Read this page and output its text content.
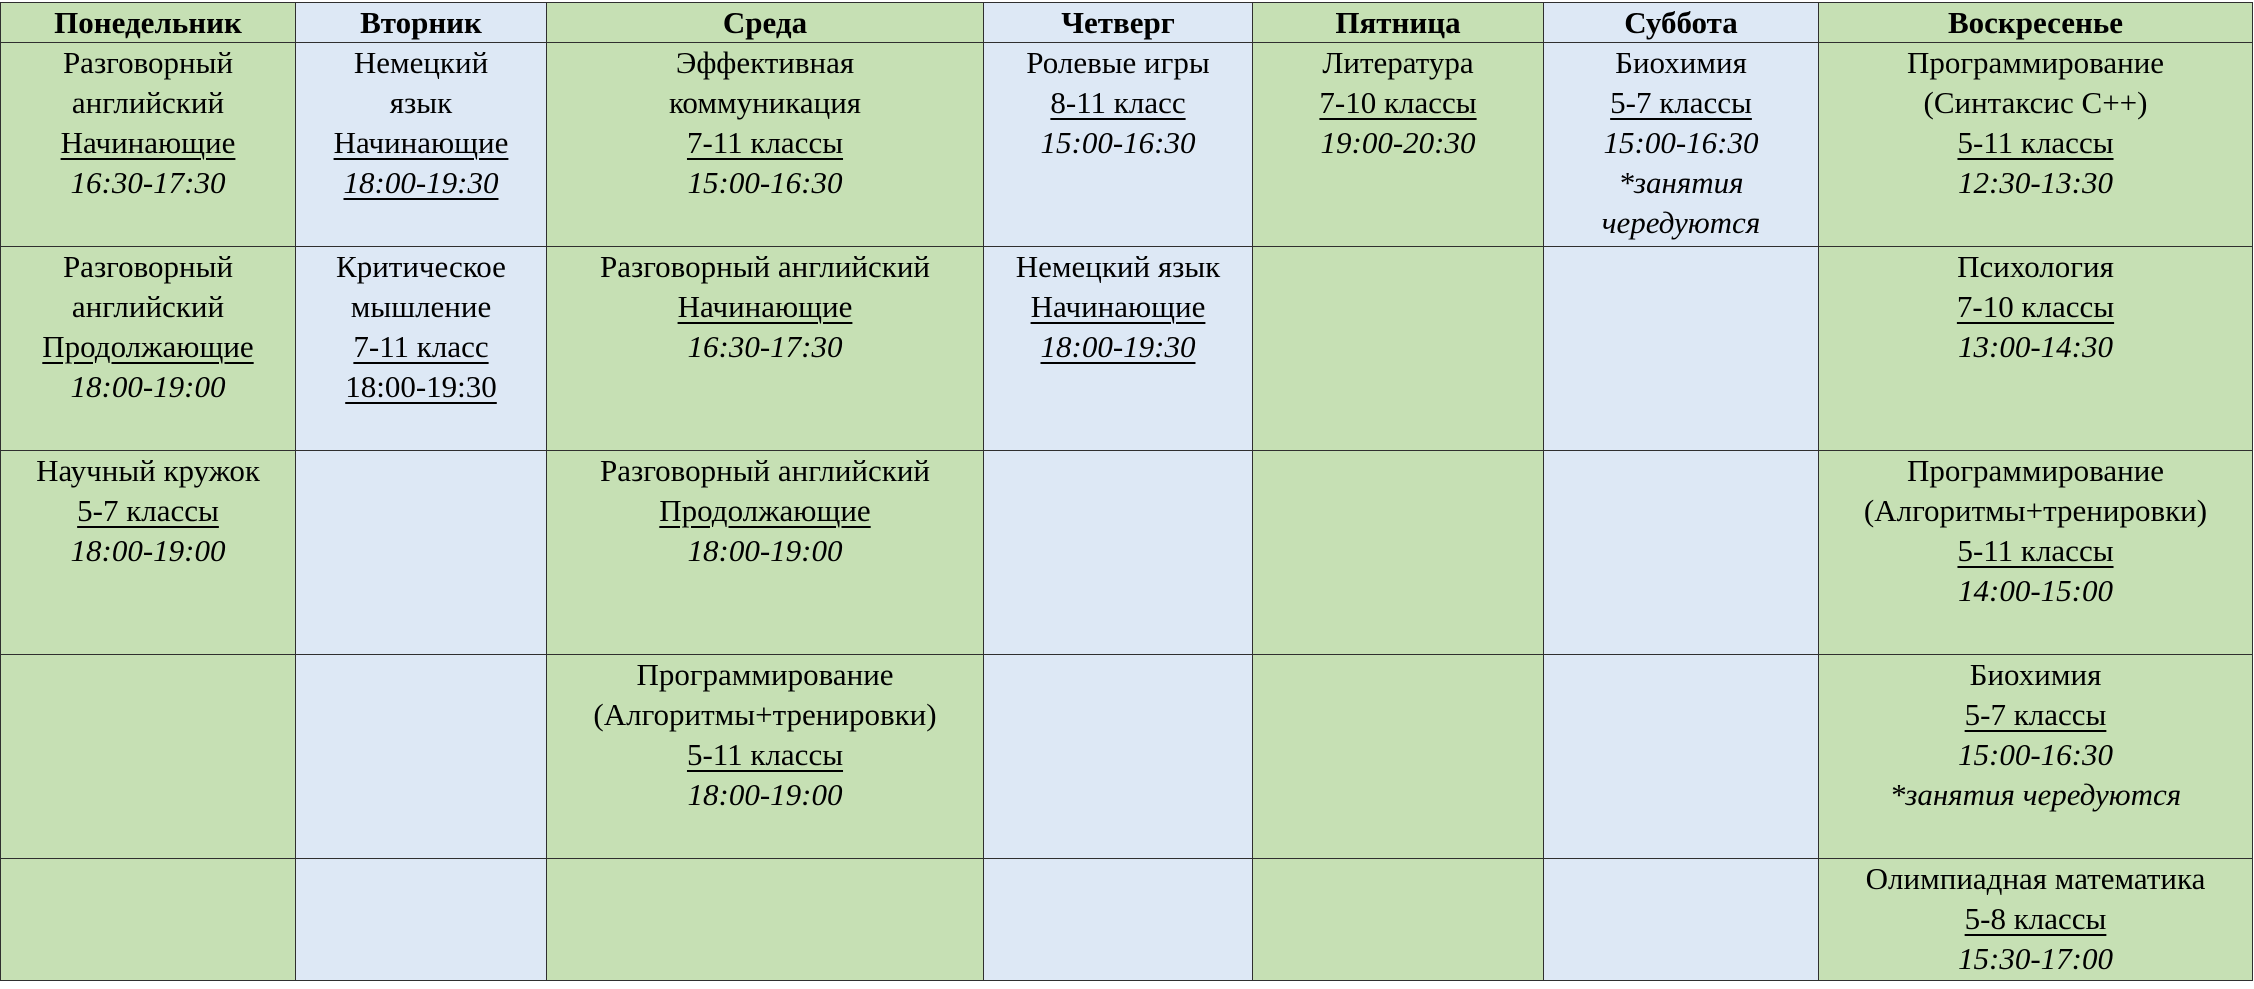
Понедельник	Вторник	Среда	Четверг	Пятница	Суббота	Воскресенье

Разговорный
английский
Начинающие
16:30-17:30	Немецкий
язык
Начинающие
18:00-19:30	Эффективная
коммуникация
7-11 классы
15:00-16:30	Ролевые игры
8-11 класс
15:00-16:30	Литература
7-10 классы
19:00-20:30	Биохимия
5-7 классы
15:00-16:30
*занятия
чередуются	Программирование
(Синтаксис С++)
5-11 классы
12:30-13:30

Разговорный
английский
Продолжающие
18:00-19:00	Критическое
мышление
7-11 класс
18:00-19:30	Разговорный английский
Начинающие
16:30-17:30	Немецкий язык
Начинающие
18:00-19:30			Психология
7-10 классы
13:00-14:30

Научный кружок
5-7 классы
18:00-19:00		Разговорный английский
Продолжающие
18:00-19:00				Программирование
(Алгоритмы+тренировки)
5-11 классы
14:00-15:00

		Программирование
(Алгоритмы+тренировки)
5-11 классы
18:00-19:00				Биохимия
5-7 классы
15:00-16:30
*занятия чередуются

						Олимпиадная математика
5-8 классы
15:30-17:00
